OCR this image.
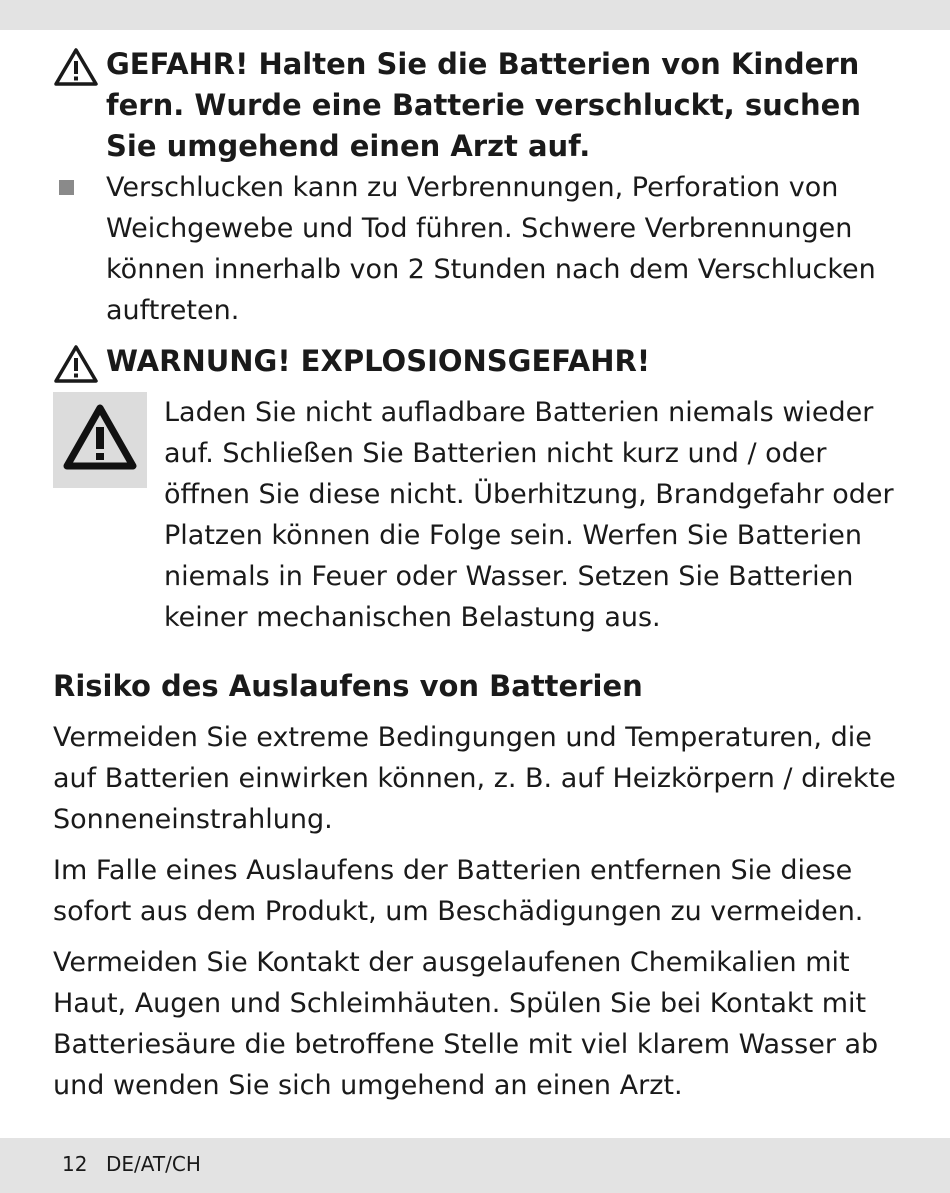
GEFAHR! Halten Sie die Batterien von Kindern fern. Wurde eine Batterie verschluckt, suchen Sie umgehend einen Arzt auf.
Verschlucken kann zu Verbrennungen, Perforation von Weichgewebe und Tod führen. Schwere Verbrennungen können innerhalb von 2 Stunden nach dem Verschlucken auftreten.
WARNUNG! EXPLOSIONSGEFAHR!
Laden Sie nicht aufladbare Batterien niemals wieder auf. Schließen Sie Batterien nicht kurz und / oder öffnen Sie diese nicht. Überhitzung, Brandgefahr oder Platzen können die Folge sein. Werfen Sie Batterien niemals in Feuer oder Wasser. Setzen Sie Batterien keiner mechanischen Belastung aus.
Risiko des Auslaufens von Batterien

Vermeiden Sie extreme Bedingungen und Temperaturen, die auf Batterien einwirken können, z. B. auf Heizkörpern / direkte Sonneneinstrahlung.

Im Falle eines Auslaufens der Batterien entfernen Sie diese sofort aus dem Produkt, um Beschädigungen zu vermeiden.

Vermeiden Sie Kontakt der ausgelaufenen Chemikalien mit Haut, Augen und Schleimhäuten. Spülen Sie bei Kontakt mit Batteriesäure die betroffene Stelle mit viel klarem Wasser ab und wenden Sie sich umgehend an einen Arzt.

12 DE/AT/CH
